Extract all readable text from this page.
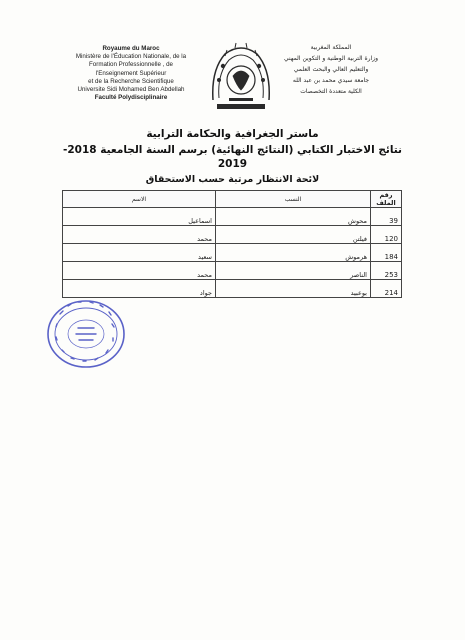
Royaume du Maroc
Ministère de l'Éducation Nationale, de la
Formation Professionnelle , de
l'Enseignement Supérieur
et de la Recherche Scientifique
Universite Sidi Mohamed Ben Abdellah
Faculté Polydisciplinaire
المملكة المغربية
وزارة التربية الوطنية و التكوين المهني
والتعليم العالي والبحث العلمي
جامعة سيدي محمد بن عبد الله
الكلية متعددة التخصصات
ماستر الجغرافية والحكامة الترابية
نتائج الاختبار الكتابي (النتائج النهائية) برسم السنة الجامعية 2018-2019
لائحة الانتظار مرتبة حسب الاستحقاق
رقم الملف	النسب	الاسم
39	محوش	اسماعيل
120	فيلتن	محمد
184	هرموش	سعيد
253	الناصر	محمد
214	بوعبيد	جواد
